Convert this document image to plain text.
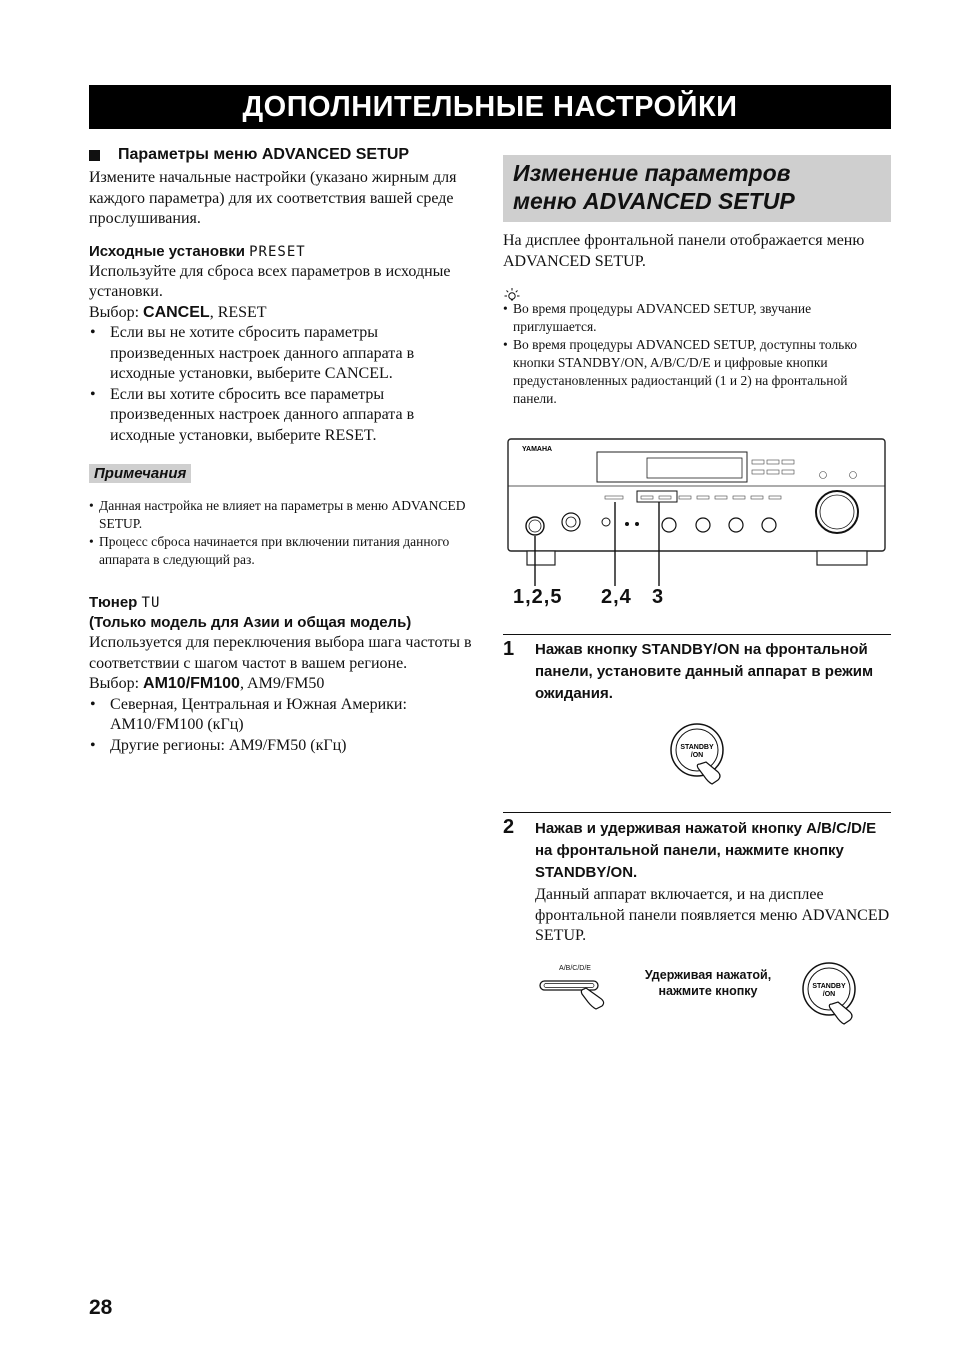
ДОПОЛНИТЕЛЬНЫЕ НАСТРОЙКИ
Параметры меню ADVANCED SETUP

Измените начальные настройки (указано жирным для каждого параметра) для их соответствия вашей среде прослушивания.

Исходные установки PRESET

Используйте для сброса всех параметров в исходные установки.

Выбор: CANCEL, RESET

• Если вы не хотите сбросить параметры произведенных настроек данного аппарата в исходные установки, выберите CANCEL.
• Если вы хотите сбросить все параметры произведенных настроек данного аппарата в исходные установки, выберите RESET.
Примечания
• Данная настройка не влияет на параметры в меню ADVANCED SETUP.
• Процесс сброса начинается при включении питания данного аппарата в следующий раз.

Тюнер TU

(Только модель для Азии и общая модель)

Используется для переключения выбора шага частоты в соответствии с шагом частот в вашем регионе.

Выбор: AM10/FM100, AM9/FM50

• Северная, Центральная и Южная Америки: AM10/FM100 (кГц)
• Другие регионы: AM9/FM50 (кГц)
Изменение параметров
меню ADVANCED SETUP

На дисплее фронтальной панели отображается меню ADVANCED SETUP.

• Во время процедуры ADVANCED SETUP, звучание приглушается.
• Во время процедуры ADVANCED SETUP, доступны только кнопки STANDBY/ON, A/B/C/D/E и цифровые кнопки предустановленных радиостанций (1 и 2) на фронтальной панели.
YAMAHA
1,2,5 2,4 3
1 Нажав кнопку STANDBY/ON на фронтальной панели, установите данный аппарат в режим ожидания.

STANDBY
/ON
2 Нажав и удерживая нажатой кнопку A/B/C/D/E на фронтальной панели, нажмите кнопку STANDBY/ON.

Данный аппарат включается, и на дисплее фронтальной панели появляется меню ADVANCED SETUP.

A/B/C/D/E	Удерживая нажатой, нажмите кнопку	STANDBY
/ON
28
